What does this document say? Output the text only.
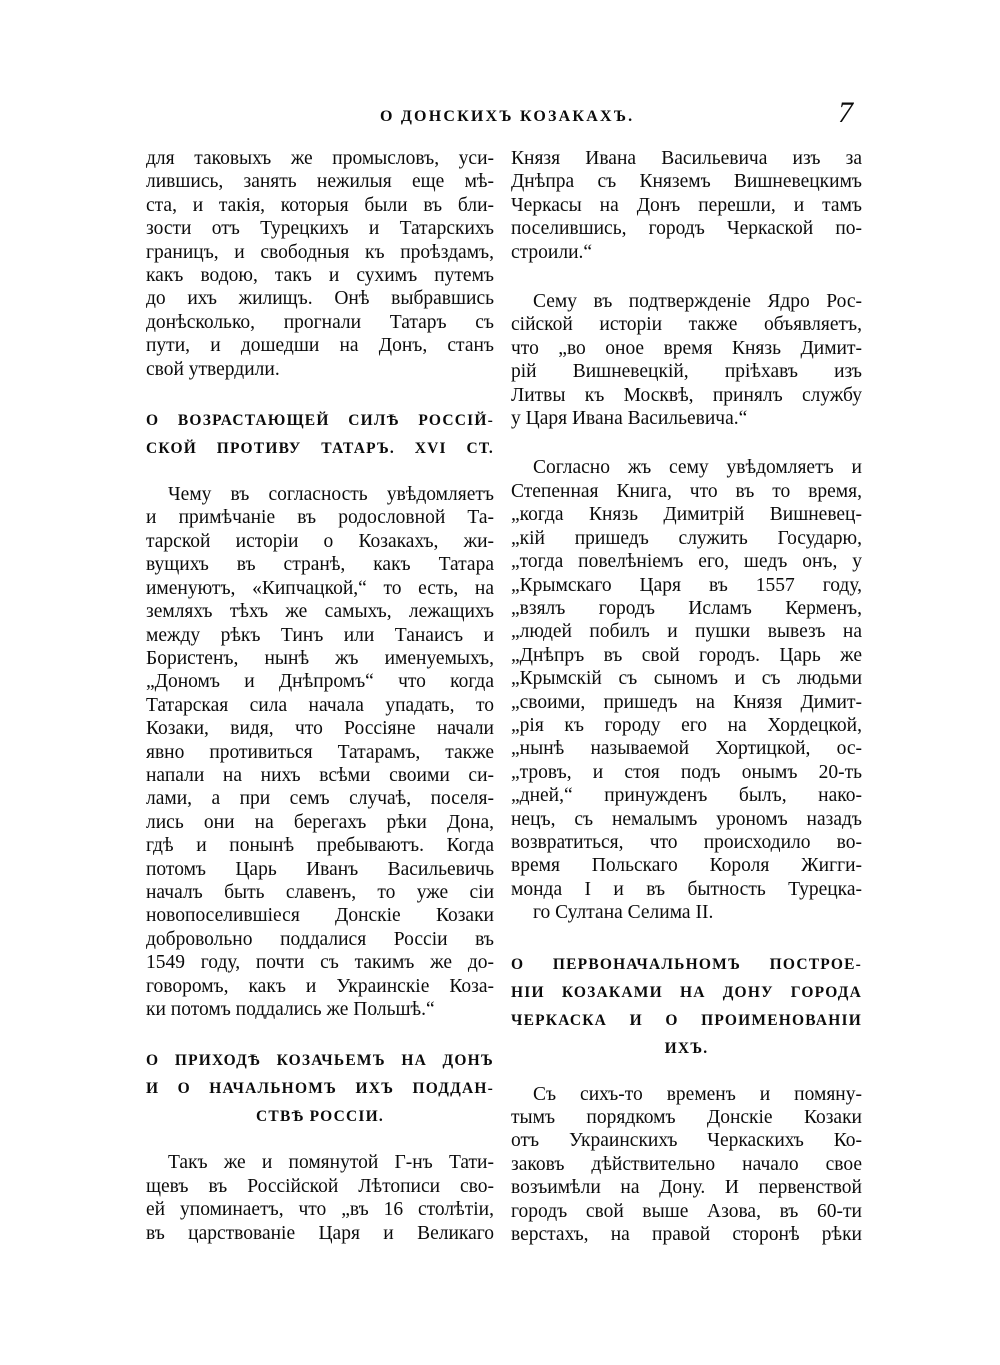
О ДОНСКИХЪ КОЗАКАХЪ.	7
для таковыхъ же промысловъ, уси-
лившись, занять нежилыя еще мѣ-
ста, и такія, которыя были въ бли-
зости отъ Турецкихъ и Татарскихъ
границъ, и свободныя къ проѣздамъ,
какъ водою, такъ и сухимъ путемъ
до ихъ жилищъ. Онѣ выбравшись
донѣсколько, прогнали Татаръ съ
пути, и дошедши на Донъ, станъ
свой утвердили.
О ВОЗРАСТАЮЩЕЙ СИЛѢ РОССІЙ-
СКОЙ ПРОТИВУ ТАТАРЪ. XVI СТ.
Чему въ согласность увѣдомляетъ
и примѣчаніе въ родословной Та-
тарской исторіи о Козакахъ, жи-
вущихъ въ странѣ, какъ Татара
именуютъ, «Кипчацкой,“ то есть, на
земляхъ тѣхъ же самыхъ, лежащихъ
между рѣкъ Тинъ или Танаисъ и
Бористенъ, нынѣ жъ именуемыхъ,
„Дономъ и Днѣпромъ“ что когда
Татарская сила начала упадать, то
Козаки, видя, что Россіяне начали
явно противиться Татарамъ, также
напали на нихъ всѣми своими си-
лами, а при семъ случаѣ, поселя-
лись они на берегахъ рѣки Дона,
гдѣ и понынѣ пребываютъ. Когда
потомъ Царь Иванъ Васильевичь
началъ быть славенъ, то уже сіи
новопоселившіеся Донскіе Козаки
добровольно поддалися Россіи въ
1549 году, почти съ такимъ же до-
говоромъ, какъ и Украинскіе Коза-
ки потомъ поддались же Польшѣ.“
О ПРИХОДѢ КОЗАЧЬЕМЪ НА ДОНЪ
И О НАЧАЛЬНОМЪ ИХЪ ПОДДАН-
СТВѢ РОССІИ.
Такъ же и помянутой Г-нъ Тати-
щевъ въ Россійской Лѣтописи сво-
ей упоминаетъ, что „въ 16 столѣтіи,
въ царствованіе Царя и Великаго
Князя Ивана Васильевича изъ за
Днѣпра съ Княземъ Вишневецкимъ
Черкасы на Донъ перешли, и тамъ
поселившись, городъ Черкаской по-
строили.“
Сему въ подтвержденіе Ядро Рос-
сійской исторіи также объявляетъ,
что „во оное время Князь Димит-
рій Вишневецкій, пріѣхавъ изъ
Литвы къ Москвѣ, принялъ службу
у Царя Ивана Васильевича.“
Согласно жъ сему увѣдомляетъ и
Степенная Книга, что въ то время,
„когда Князь Димитрій Вишневец-
„кій пришедъ служить Государю,
„тогда повелѣніемъ его, шедъ онъ, у
„Крымскаго Царя въ 1557 году,
„взялъ городъ Исламъ Керменъ,
„людей побилъ и пушки вывезъ на
„Днѣпръ въ свой городъ. Царь же
„Крымскій съ сыномъ и съ людьми
„своими, пришедъ на Князя Димит-
„рія къ городу его на Хордецкой,
„нынѣ называемой Хортицкой, ос-
„тровъ, и стоя подъ онымъ 20-ть
„дней,“ принужденъ былъ, нако-
нецъ, съ немалымъ урономъ назадъ
возвратиться, что происходило во-
время Польскаго Короля Жигги-
монда I и въ бытность Турецка-
го Султана Селима II.
О ПЕРВОНАЧАЛЬНОМЪ ПОСТРОЕ-
НІИ КОЗАКАМИ НА ДОНУ ГОРОДА
ЧЕРКАСКА И О ПРОИМЕНОВАНІИ
ИХЪ.
Съ сихъ-то временъ и помяну-
тымъ порядкомъ Донскіе Козаки
отъ Украинскихъ Черкаскихъ Ко-
заковъ дѣйствительно начало свое
возъимѣли на Дону. И первенствой
городъ свой выше Азова, въ 60-ти
верстахъ, на правой сторонѣ рѣки
